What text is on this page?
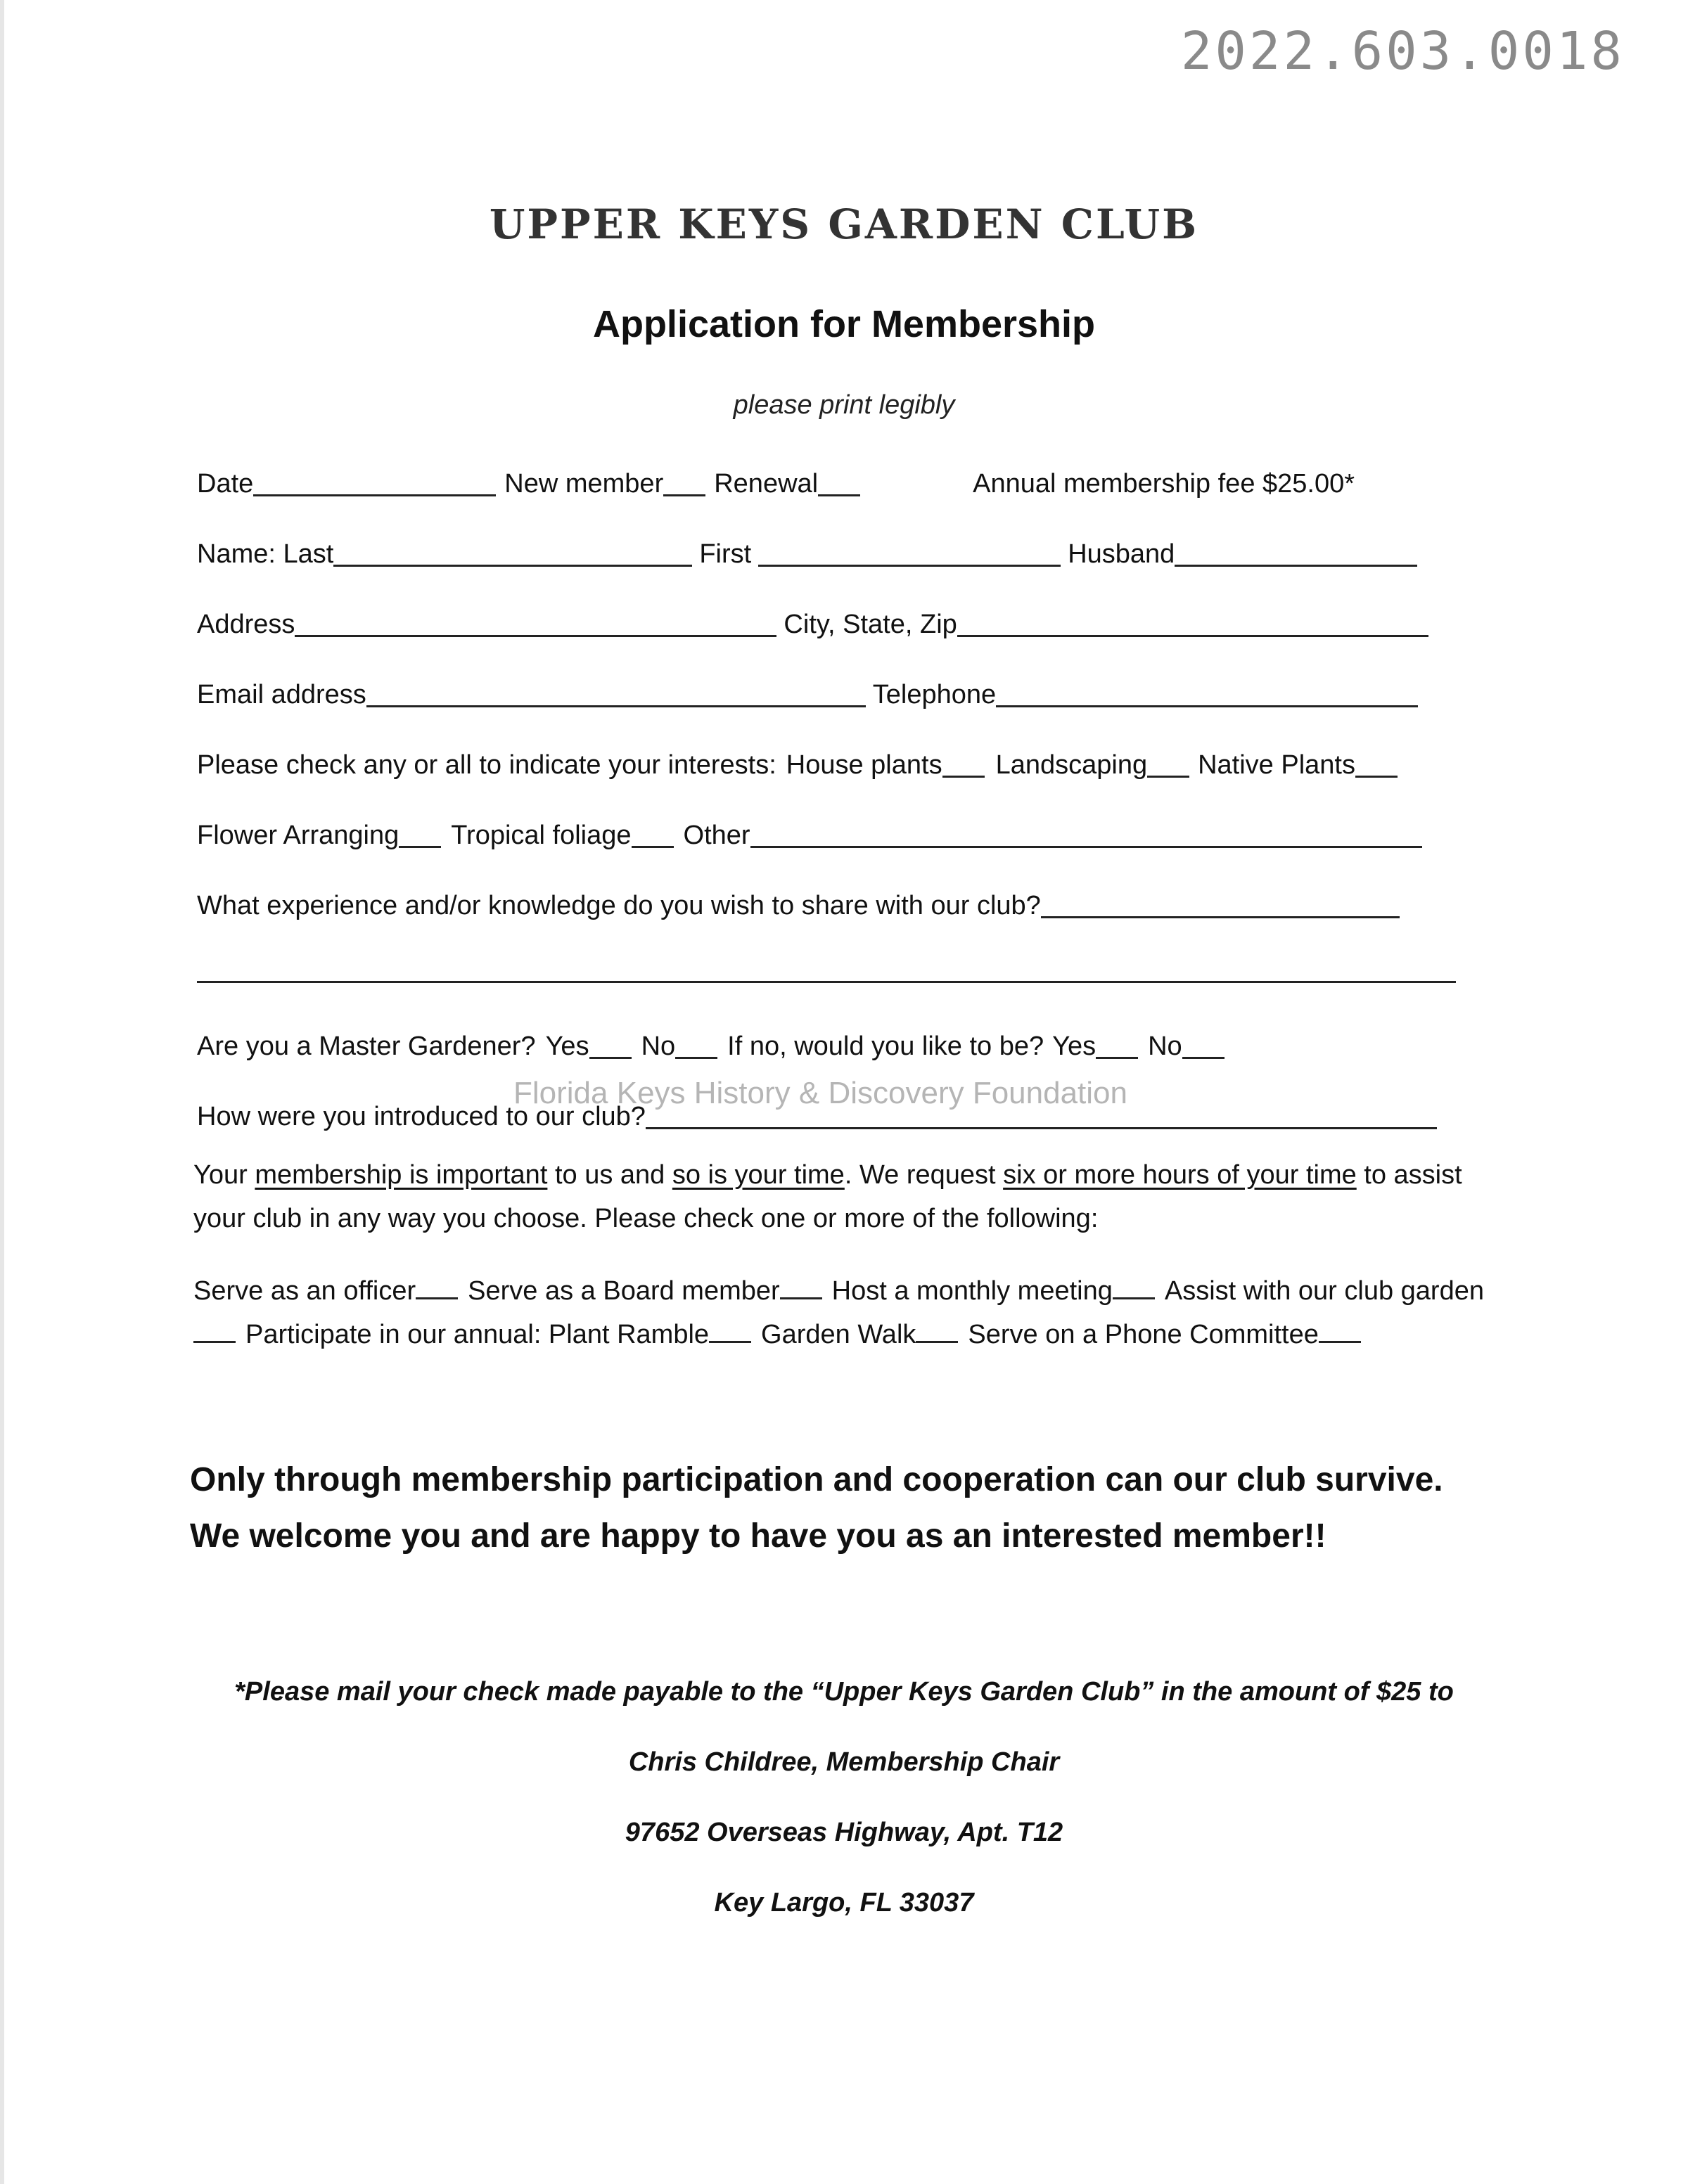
2022.603.0018
UPPER KEYS GARDEN CLUB
Application for Membership
please print legibly
Date	New member Renewal	Annual membership fee $25.00*
Name: Last	First	Husband
Address	City, State, Zip
Email address	Telephone
Please check any or all to indicate your interests: House plants Landscaping Native Plants
Flower Arranging Tropical foliage Other
What experience and/or knowledge do you wish to share with our club?
Are you a Master Gardener? Yes No If no, would you like to be? Yes No
How were you introduced to our club?
Florida Keys History & Discovery Foundation
Your membership is important to us and so is your time. We request six or more hours of your time to assist your club in any way you choose. Please check one or more of the following:
Serve as an officer Serve as a Board member Host a monthly meeting Assist with our club gardenParticipate in our annual: Plant Ramble Garden Walk Serve on a Phone Committee
Only through membership participation and cooperation can our club survive.
We welcome you and are happy to have you as an interested member!!
*Please mail your check made payable to the “Upper Keys Garden Club” in the amount of $25 to
Chris Childree, Membership Chair
97652 Overseas Highway, Apt. T12
Key Largo, FL 33037
